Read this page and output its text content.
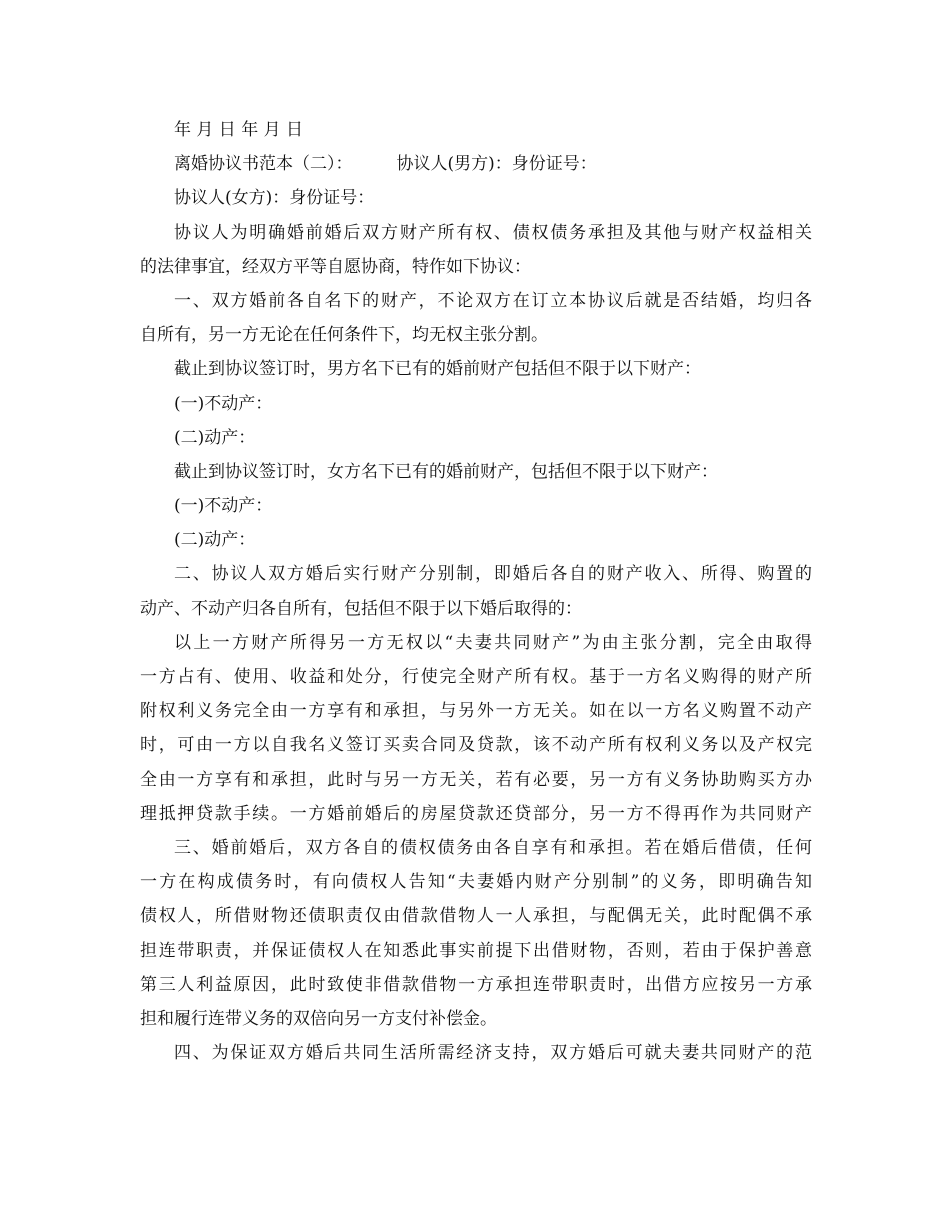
年 月 日 年 月 日
离婚协议书范本（二）：	协议人(男方)：身份证号：
协议人(女方)：身份证号：
协议人为明确婚前婚后双方财产所有权、债权债务承担及其他与财产权益相关
的法律事宜，经双方平等自愿协商，特作如下协议：
一、双方婚前各自名下的财产，不论双方在订立本协议后就是否结婚，均归各
自所有，另一方无论在任何条件下，均无权主张分割。
截止到协议签订时，男方名下已有的婚前财产包括但不限于以下财产：
(一)不动产：
(二)动产：
截止到协议签订时，女方名下已有的婚前财产，包括但不限于以下财产：
(一)不动产：
(二)动产：
二、协议人双方婚后实行财产分别制，即婚后各自的财产收入、所得、购置的
动产、不动产归各自所有，包括但不限于以下婚后取得的：
以上一方财产所得另一方无权以“夫妻共同财产”为由主张分割，完全由取得
一方占有、使用、收益和处分，行使完全财产所有权。基于一方名义购得的财产所
附权利义务完全由一方享有和承担，与另外一方无关。如在以一方名义购置不动产
时，可由一方以自我名义签订买卖合同及贷款，该不动产所有权利义务以及产权完
全由一方享有和承担，此时与另一方无关，若有必要，另一方有义务协助购买方办
理抵押贷款手续。一方婚前婚后的房屋贷款还贷部分，另一方不得再作为共同财产
三、婚前婚后，双方各自的债权债务由各自享有和承担。若在婚后借债，任何
一方在构成债务时，有向债权人告知“夫妻婚内财产分别制”的义务，即明确告知
债权人，所借财物还债职责仅由借款借物人一人承担，与配偶无关，此时配偶不承
担连带职责，并保证债权人在知悉此事实前提下出借财物，否则，若由于保护善意
第三人利益原因，此时致使非借款借物一方承担连带职责时，出借方应按另一方承
担和履行连带义务的双倍向另一方支付补偿金。
四、为保证双方婚后共同生活所需经济支持，双方婚后可就夫妻共同财产的范
